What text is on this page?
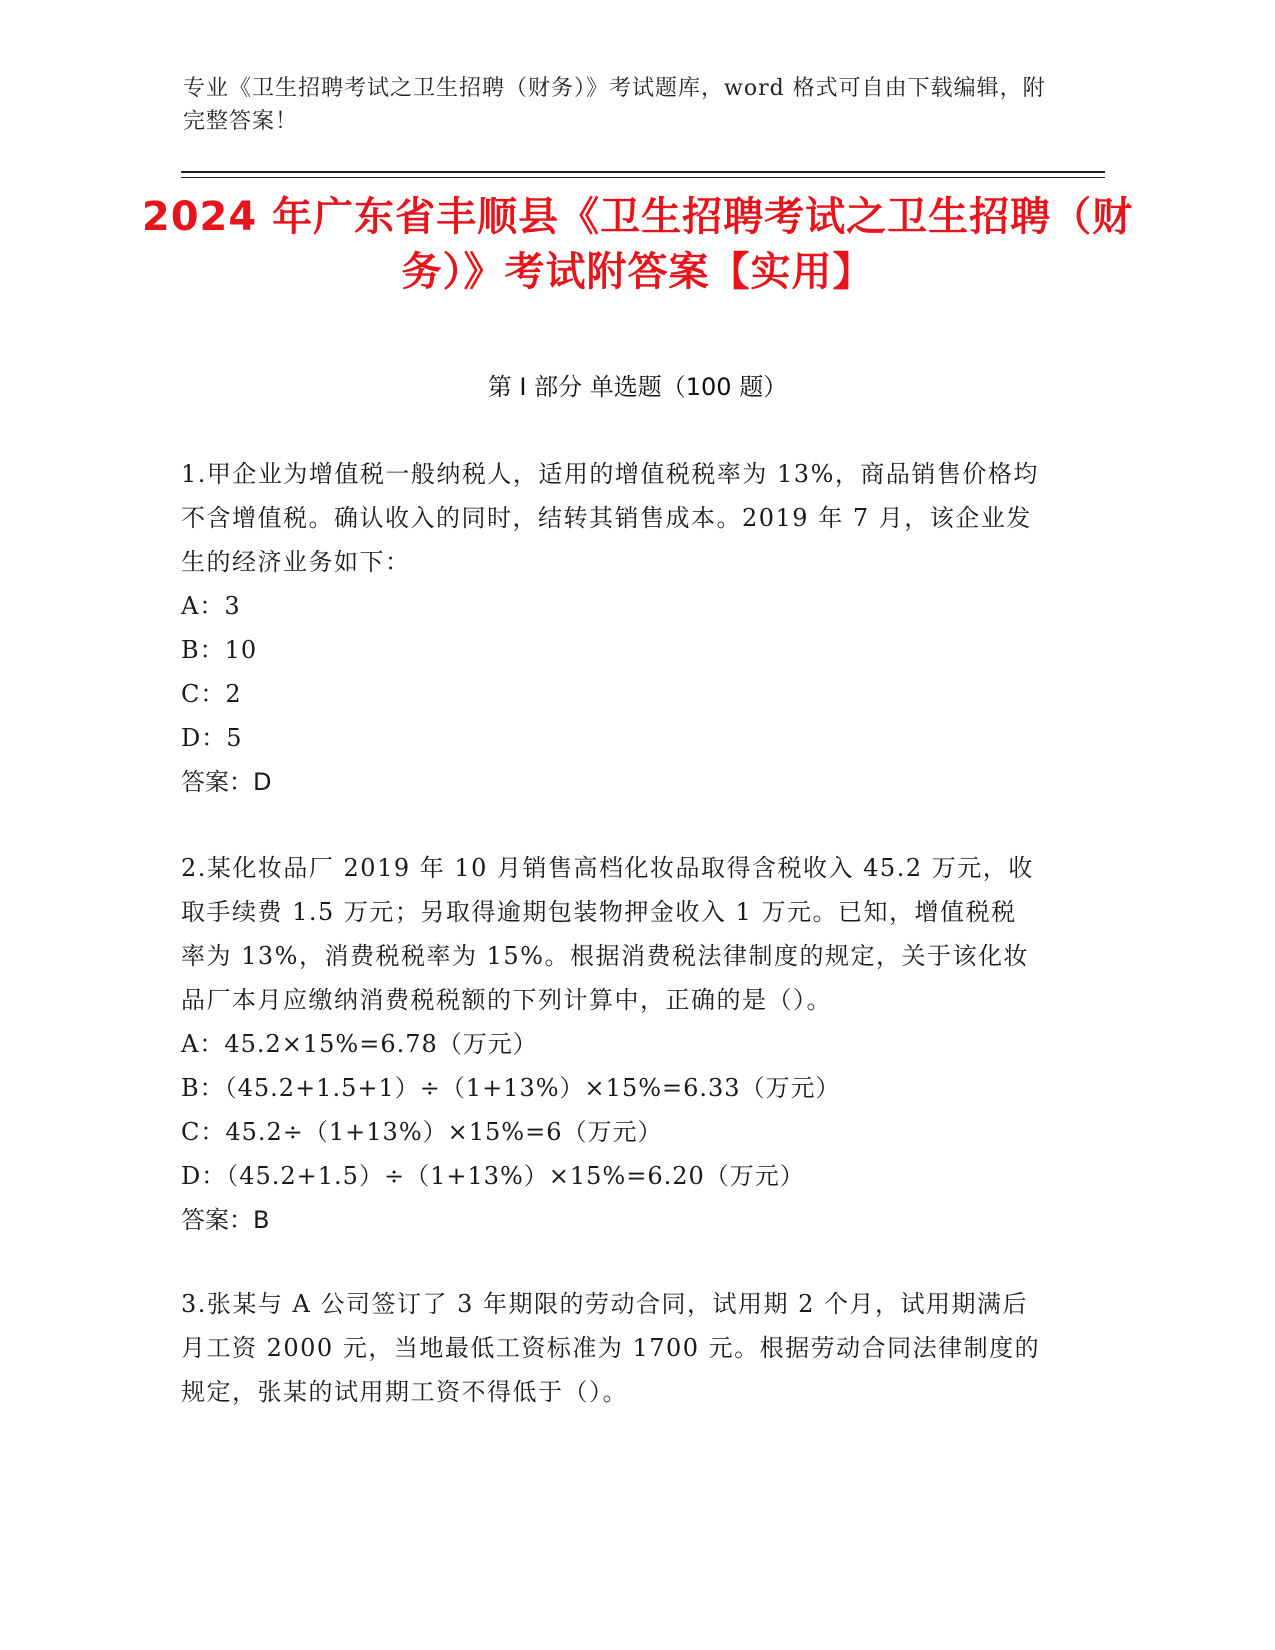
专业《卫生招聘考试之卫生招聘（财务）》考试题库，word 格式可自由下载编辑，附完整答案！
2024 年广东省丰顺县《卫生招聘考试之卫生招聘（财务）》考试附答案【实用】
第 I 部分 单选题（100 题）

1.甲企业为增值税一般纳税人，适用的增值税税率为 13%，商品销售价格均不含增值税。确认收入的同时，结转其销售成本。2019 年 7 月，该企业发生的经济业务如下：

A：3

B：10

C：2

D：5

答案：D

2.某化妆品厂 2019 年 10 月销售高档化妆品取得含税收入 45.2 万元，收取手续费 1.5 万元；另取得逾期包装物押金收入 1 万元。已知，增值税税率为 13%，消费税税率为 15%。根据消费税法律制度的规定，关于该化妆品厂本月应缴纳消费税税额的下列计算中，正确的是（）。

A：45.2×15%=6.78（万元）

B：（45.2+1.5+1）÷（1+13%）×15%=6.33（万元）

C：45.2÷（1+13%）×15%=6（万元）

D：（45.2+1.5）÷（1+13%）×15%=6.20（万元）

答案：B

3.张某与 A 公司签订了 3 年期限的劳动合同，试用期 2 个月，试用期满后月工资 2000 元，当地最低工资标准为 1700 元。根据劳动合同法律制度的规定，张某的试用期工资不得低于（）。
